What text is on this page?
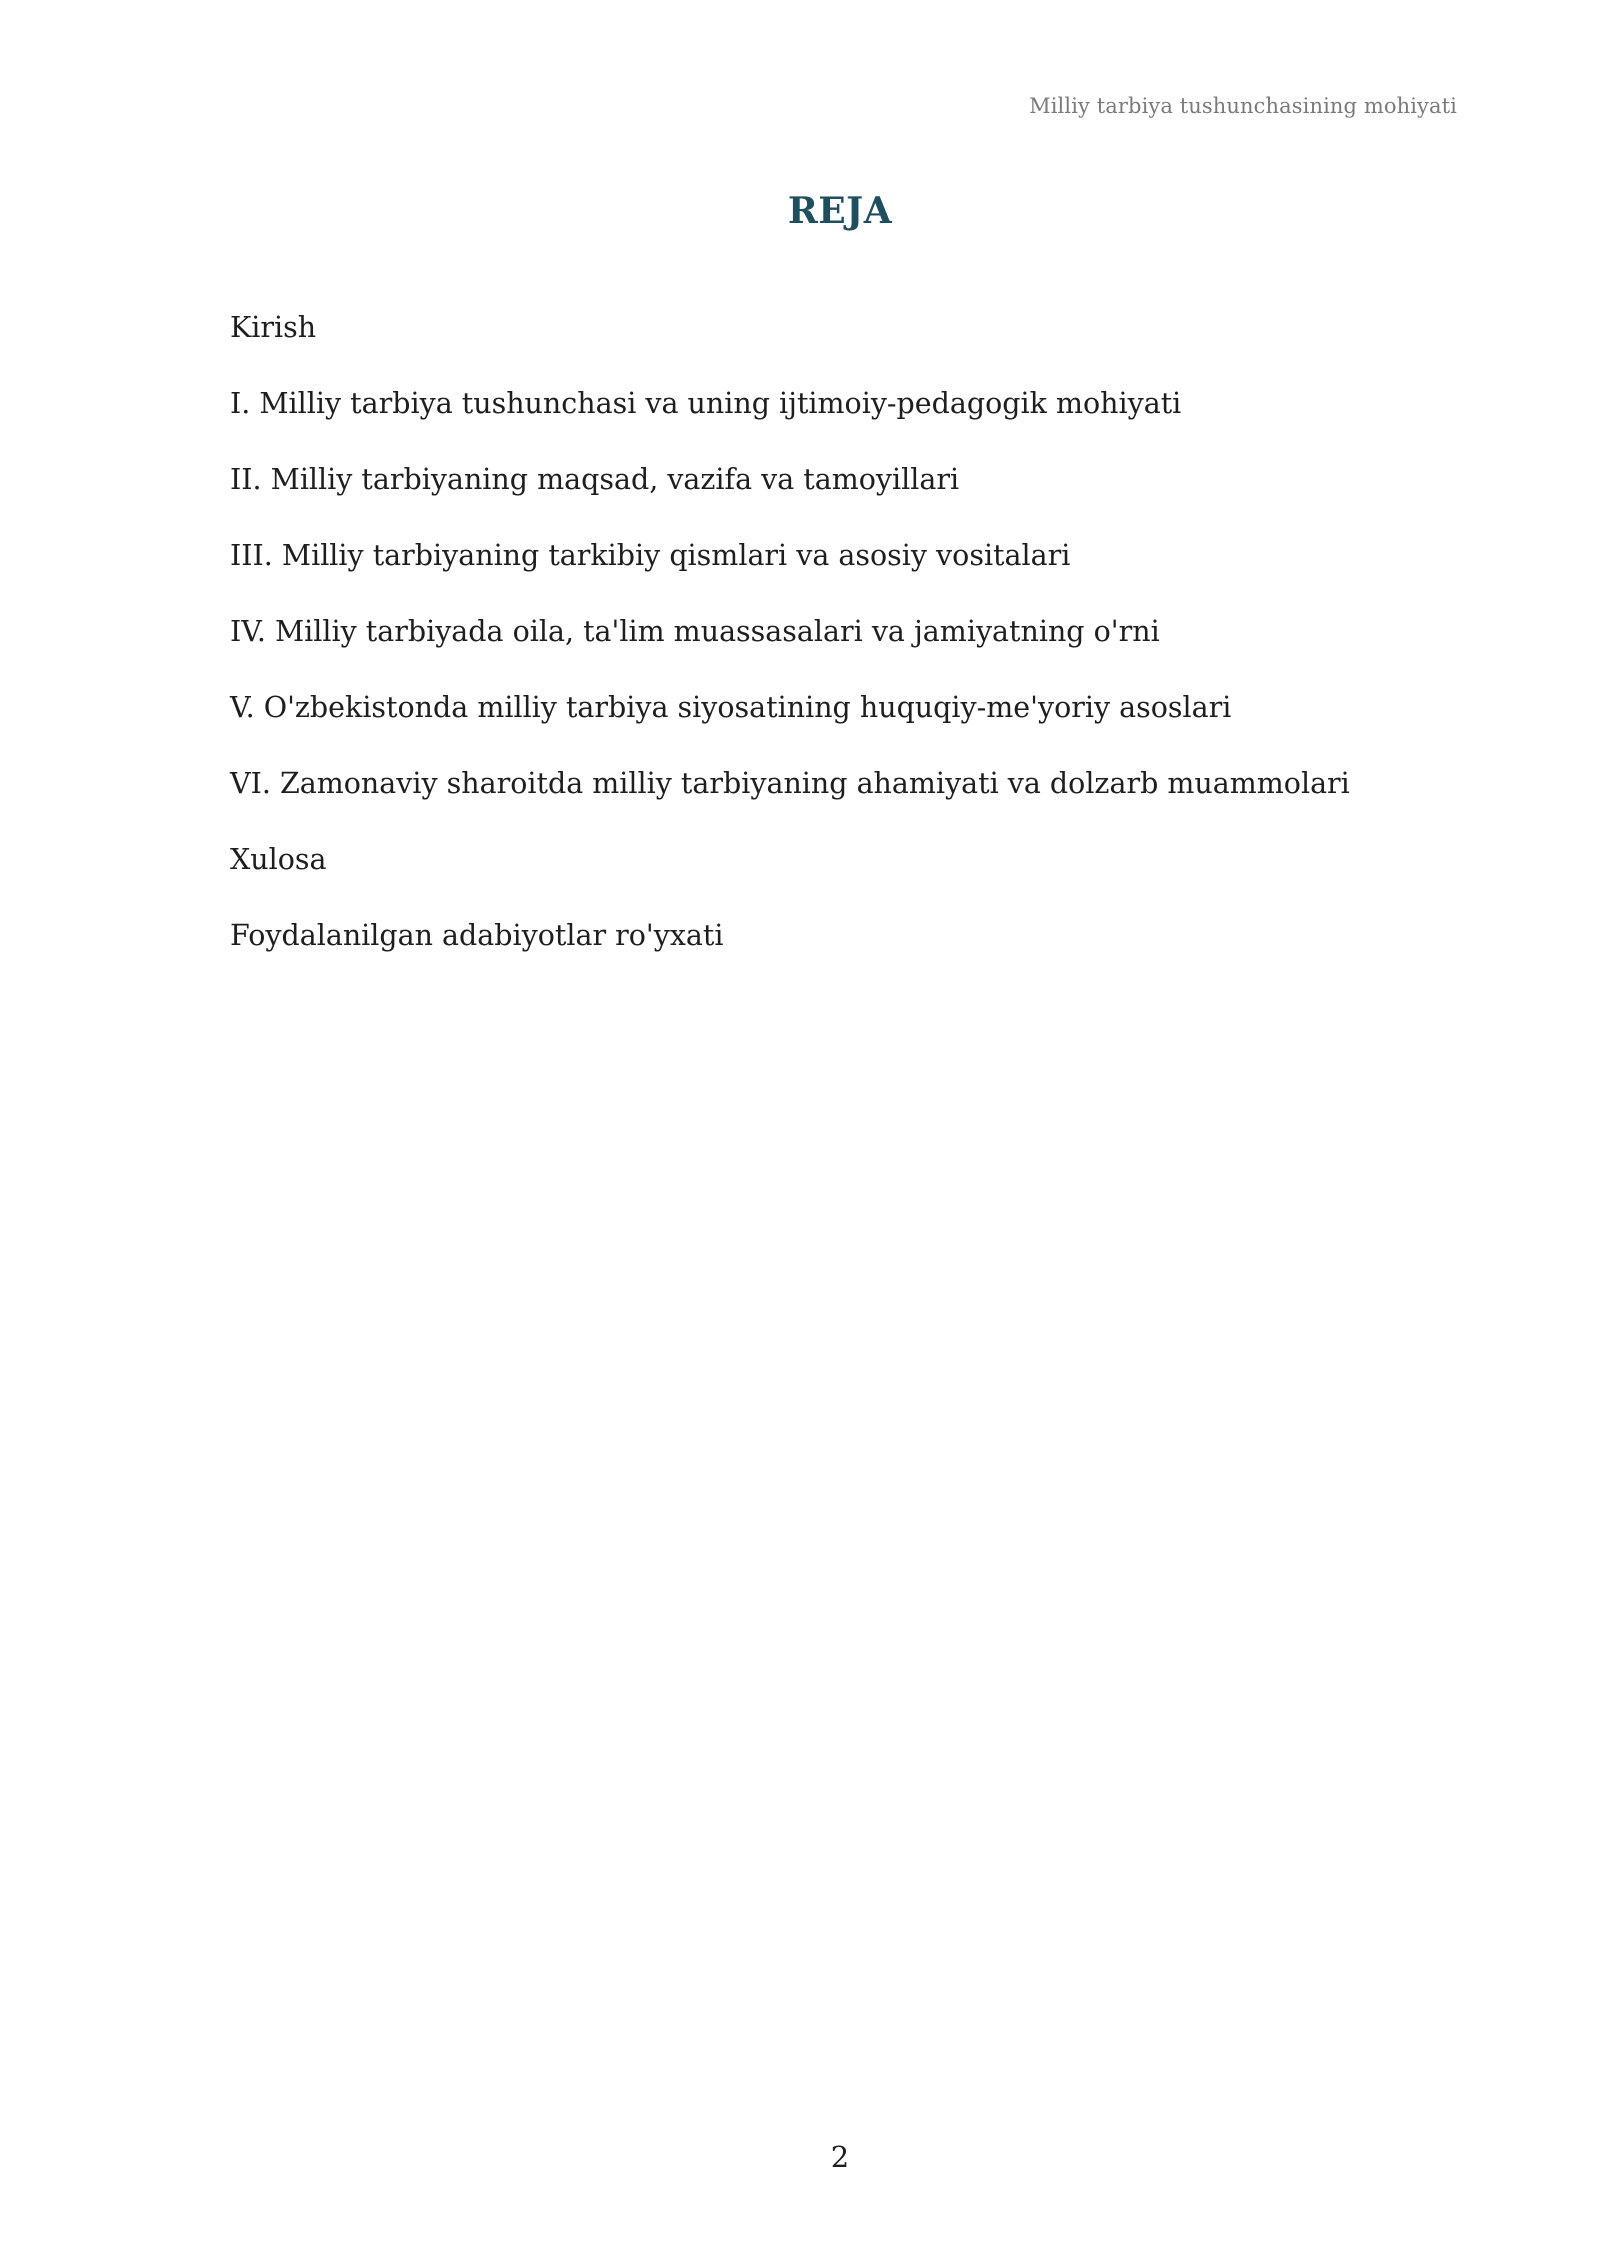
Milliy tarbiya tushunchasining mohiyati
REJA
Kirish
I. Milliy tarbiya tushunchasi va uning ijtimoiy-pedagogik mohiyati
II. Milliy tarbiyaning maqsad, vazifa va tamoyillari
III. Milliy tarbiyaning tarkibiy qismlari va asosiy vositalari
IV. Milliy tarbiyada oila, ta'lim muassasalari va jamiyatning o'rni
V. O'zbekistonda milliy tarbiya siyosatining huquqiy-me'yoriy asoslari
VI. Zamonaviy sharoitda milliy tarbiyaning ahamiyati va dolzarb muammolari
Xulosa
Foydalanilgan adabiyotlar ro'yxati
2
